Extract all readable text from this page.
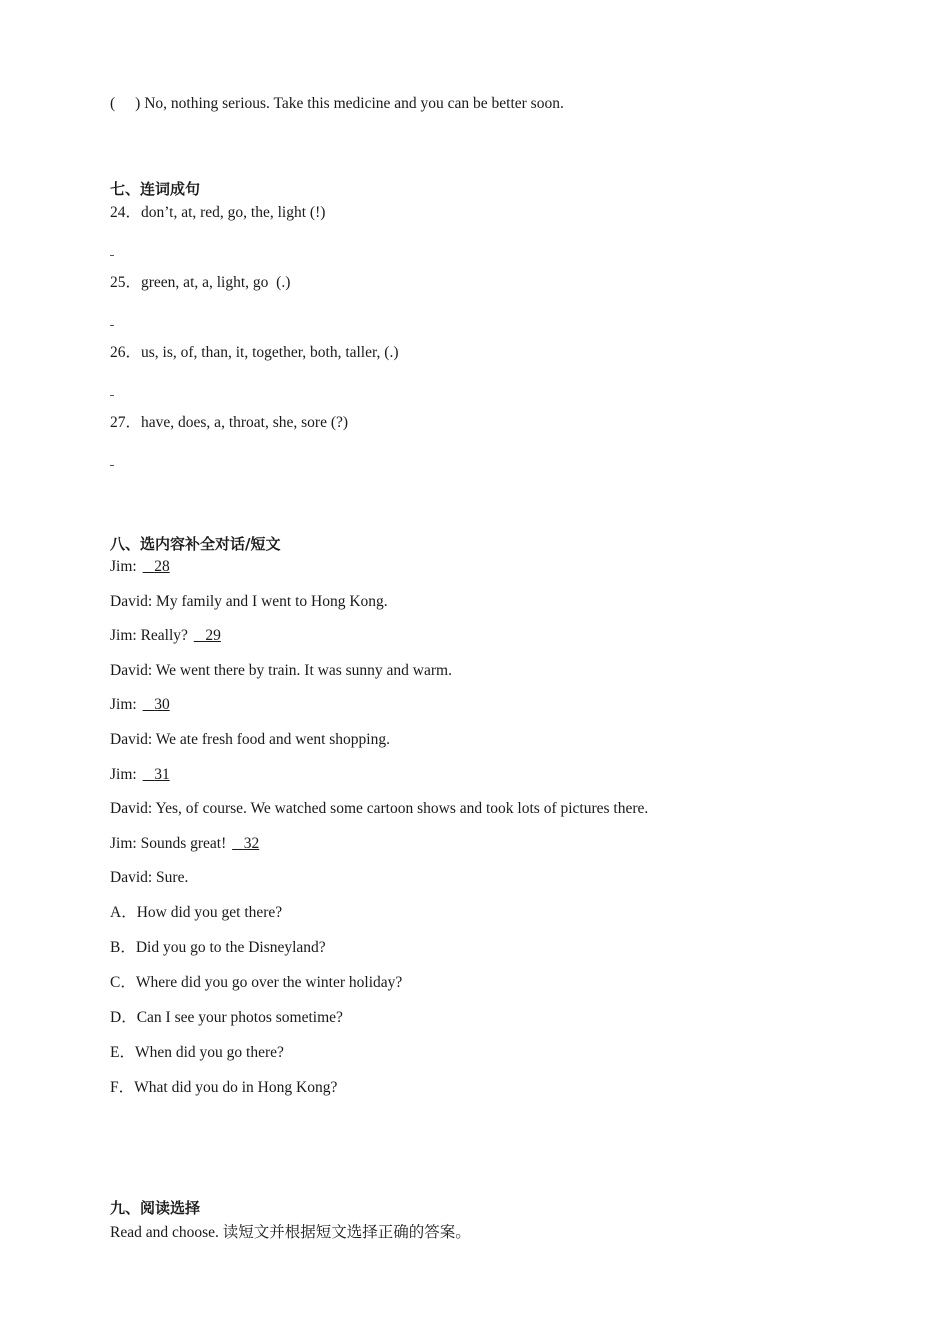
( ) No, nothing serious. Take this medicine and you can be better soon.
七、连词成句
24．don’t, at, red, go, the, light (!)
25．green, at, a, light, go  (.)
26．us, is, of, than, it, together, both, taller, (.)
27．have, does, a, throat, she, sore (?)
八、选内容补全对话/短文
Jim:    28
David: My family and I went to Hong Kong.
Jim: Really?    29
David: We went there by train. It was sunny and warm.
Jim:    30
David: We ate fresh food and went shopping.
Jim:    31
David: Yes, of course. We watched some cartoon shows and took lots of pictures there.
Jim: Sounds great!    32
David: Sure.
A．How did you get there?
B．Did you go to the Disneyland?
C．Where did you go over the winter holiday?
D．Can I see your photos sometime?
E．When did you go there?
F．What did you do in Hong Kong?
九、阅读选择
Read and choose. 读短文并根据短文选择正确的答案。
